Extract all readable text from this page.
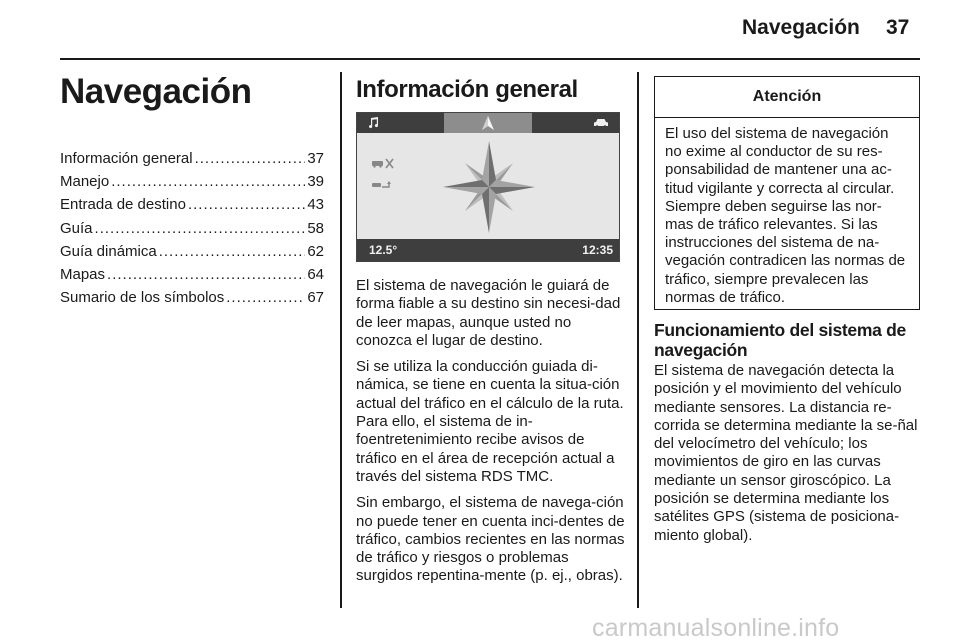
Navegación 37
Navegación
Información general .....	37
Manejo .....	39
Entrada de destino .....	43
Guía .....	58
Guía dinámica .....	62
Mapas .....	64
Sumario de los símbolos .....	67
Información general
12.5°	12:35

El sistema de navegación le guiará de forma fiable a su destino sin necesi-dad de leer mapas, aunque usted no conozca el lugar de destino.

Si se utiliza la conducción guiada di-námica, se tiene en cuenta la situa-ción actual del tráfico en el cálculo de la ruta. Para ello, el sistema de in-foentretenimiento recibe avisos de tráfico en el área de recepción actual a través del sistema RDS TMC.

Sin embargo, el sistema de navega-ción no puede tener en cuenta inci-dentes de tráfico, cambios recientes en las normas de tráfico y riesgos o problemas surgidos repentina-mente (p. ej., obras).

Atención
El uso del sistema de navegación no exime al conductor de su res-ponsabilidad de mantener una ac-titud vigilante y correcta al circular. Siempre deben seguirse las nor-mas de tráfico relevantes. Si las instrucciones del sistema de na-vegación contradicen las normas de tráfico, siempre prevalecen las normas de tráfico.
Funcionamiento del sistema de navegación
El sistema de navegación detecta la posición y el movimiento del vehículo mediante sensores. La distancia re-corrida se determina mediante la se-ñal del velocímetro del vehículo; los movimientos de giro en las curvas mediante un sensor giroscópico. La posición se determina mediante los satélites GPS (sistema de posiciona-miento global).
carmanualsonline.info
